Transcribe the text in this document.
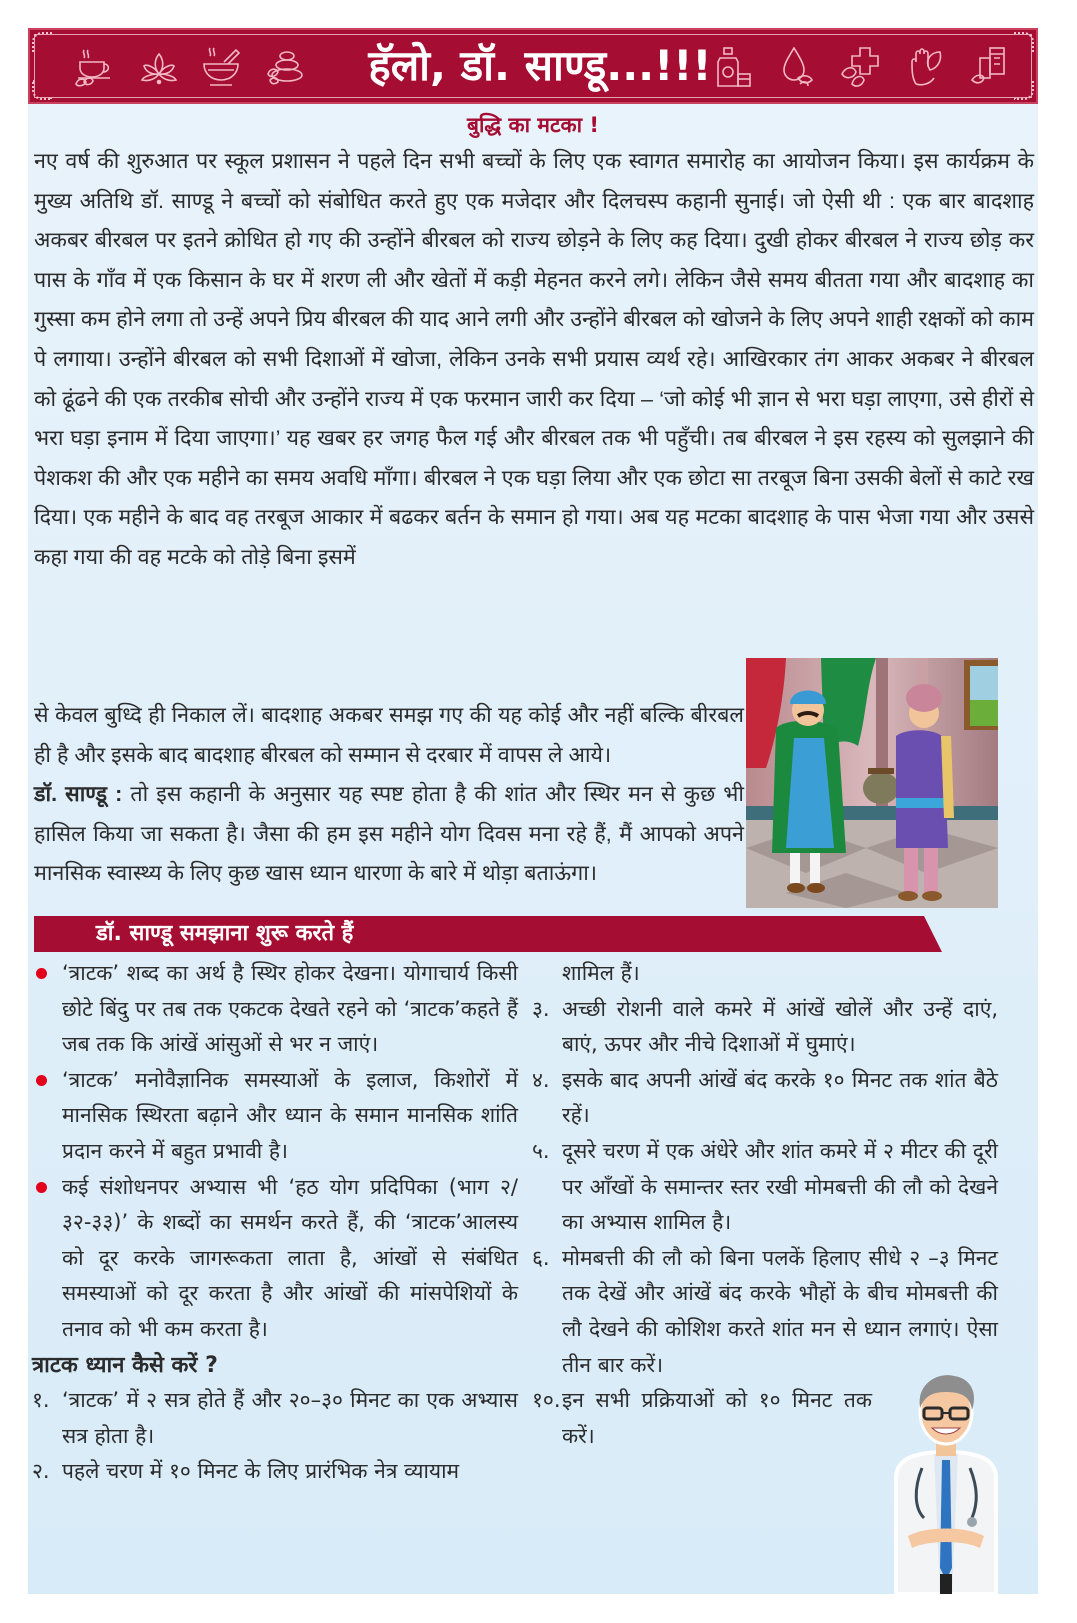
हॅलो, डॉ. साण्डू...!!!
बुद्धि का मटका !
नए वर्ष की शुरुआत पर स्कूल प्रशासन ने पहले दिन सभी बच्चों के लिए एक स्वागत समारोह का आयोजन किया। इस कार्यक्रम के मुख्य अतिथि डॉ. साण्डू ने बच्चों को संबोधित करते हुए एक मजेदार और दिलचस्प कहानी सुनाई। जो ऐसी थी : एक बार बादशाह अकबर बीरबल पर इतने क्रोधित हो गए की उन्होंने बीरबल को राज्य छोड़ने के लिए कह दिया। दुखी होकर बीरबल ने राज्य छोड़ कर पास के गाँव में एक किसान के घर में शरण ली और खेतों में कड़ी मेहनत करने लगे। लेकिन जैसे समय बीतता गया और बादशाह का गुस्सा कम होने लगा तो उन्हें अपने प्रिय बीरबल की याद आने लगी और उन्होंने बीरबल को खोजने के लिए अपने शाही रक्षकों को काम पे लगाया। उन्होंने बीरबल को सभी दिशाओं में खोजा, लेकिन उनके सभी प्रयास व्यर्थ रहे। आखिरकार तंग आकर अकबर ने बीरबल को ढूंढने की एक तरकीब सोची और उन्होंने राज्य में एक फरमान जारी कर दिया – ‘जो कोई भी ज्ञान से भरा घड़ा लाएगा, उसे हीरों से भरा घड़ा इनाम में दिया जाएगा।’ यह खबर हर जगह फैल गई और बीरबल तक भी पहुँची। तब बीरबल ने इस रहस्य को सुलझाने की पेशकश की और एक महीने का समय अवधि माँगा। बीरबल ने एक घड़ा लिया और एक छोटा सा तरबूज बिना उसकी बेलों से काटे रख दिया। एक महीने के बाद वह तरबूज आकार में बढकर बर्तन के समान हो गया। अब यह मटका बादशाह के पास भेजा गया और उससे कहा गया की वह मटके को तोड़े बिना इसमें
से केवल बुध्दि ही निकाल लें। बादशाह अकबर समझ गए की यह कोई और नहीं बल्कि बीरबल ही है और इसके बाद बादशाह बीरबल को सम्मान से दरबार में वापस ले आये।
डॉ. साण्डू : तो इस कहानी के अनुसार यह स्पष्ट होता है की शांत और स्थिर मन से कुछ भी हासिल किया जा सकता है। जैसा की हम इस महीने योग दिवस मना रहे हैं, मैं आपको अपने मानसिक स्वास्थ्य के लिए कुछ खास ध्यान धारणा के बारे में थोड़ा बताऊंगा।
डॉ. साण्डू समझाना शुरू करते हैं
‘त्राटक’ शब्द का अर्थ है स्थिर होकर देखना। योगाचार्य किसी छोटे बिंदु पर तब तक एकटक देखते रहने को ‘त्राटक’कहते हैं जब तक कि आंखें आंसुओं से भर न जाएं।
‘त्राटक’ मनोवैज्ञानिक समस्याओं के इलाज, किशोरों में मानसिक स्थिरता बढ़ाने और ध्यान के समान मानसिक शांति प्रदान करने में बहुत प्रभावी है।
कई संशोधनपर अभ्यास भी ‘हठ योग प्रदिपिका (भाग २/ ३२-३३)’ के शब्दों का समर्थन करते हैं, की ‘त्राटक’आलस्य को दूर करके जागरूकता लाता है, आंखों से संबंधित समस्याओं को दूर करता है और आंखों की मांसपेशियों के तनाव को भी कम करता है।
त्राटक ध्यान कैसे करें ?
१. ‘त्राटक’ में २ सत्र होते हैं और २०–३० मिनट का एक अभ्यास सत्र होता है।
२. पहले चरण में १० मिनट के लिए प्रारंभिक नेत्र व्यायाम
शामिल हैं।
३. अच्छी रोशनी वाले कमरे में आंखें खोलें और उन्हें दाएं, बाएं, ऊपर और नीचे दिशाओं में घुमाएं।
४. इसके बाद अपनी आंखें बंद करके १० मिनट तक शांत बैठे रहें।
५. दूसरे चरण में एक अंधेरे और शांत कमरे में २ मीटर की दूरी पर आँखों के समान्तर स्तर रखी मोमबत्ती की लौ को देखने का अभ्यास शामिल है।
६. मोमबत्ती की लौ को बिना पलकें हिलाए सीधे २ –३ मिनट तक देखें और आंखें बंद करके भौहों के बीच मोमबत्ती की लौ देखने की कोशिश करते शांत मन से ध्यान लगाएं। ऐसा तीन बार करें।
१०. इन सभी प्रक्रियाओं को १० मिनट तक करें।
